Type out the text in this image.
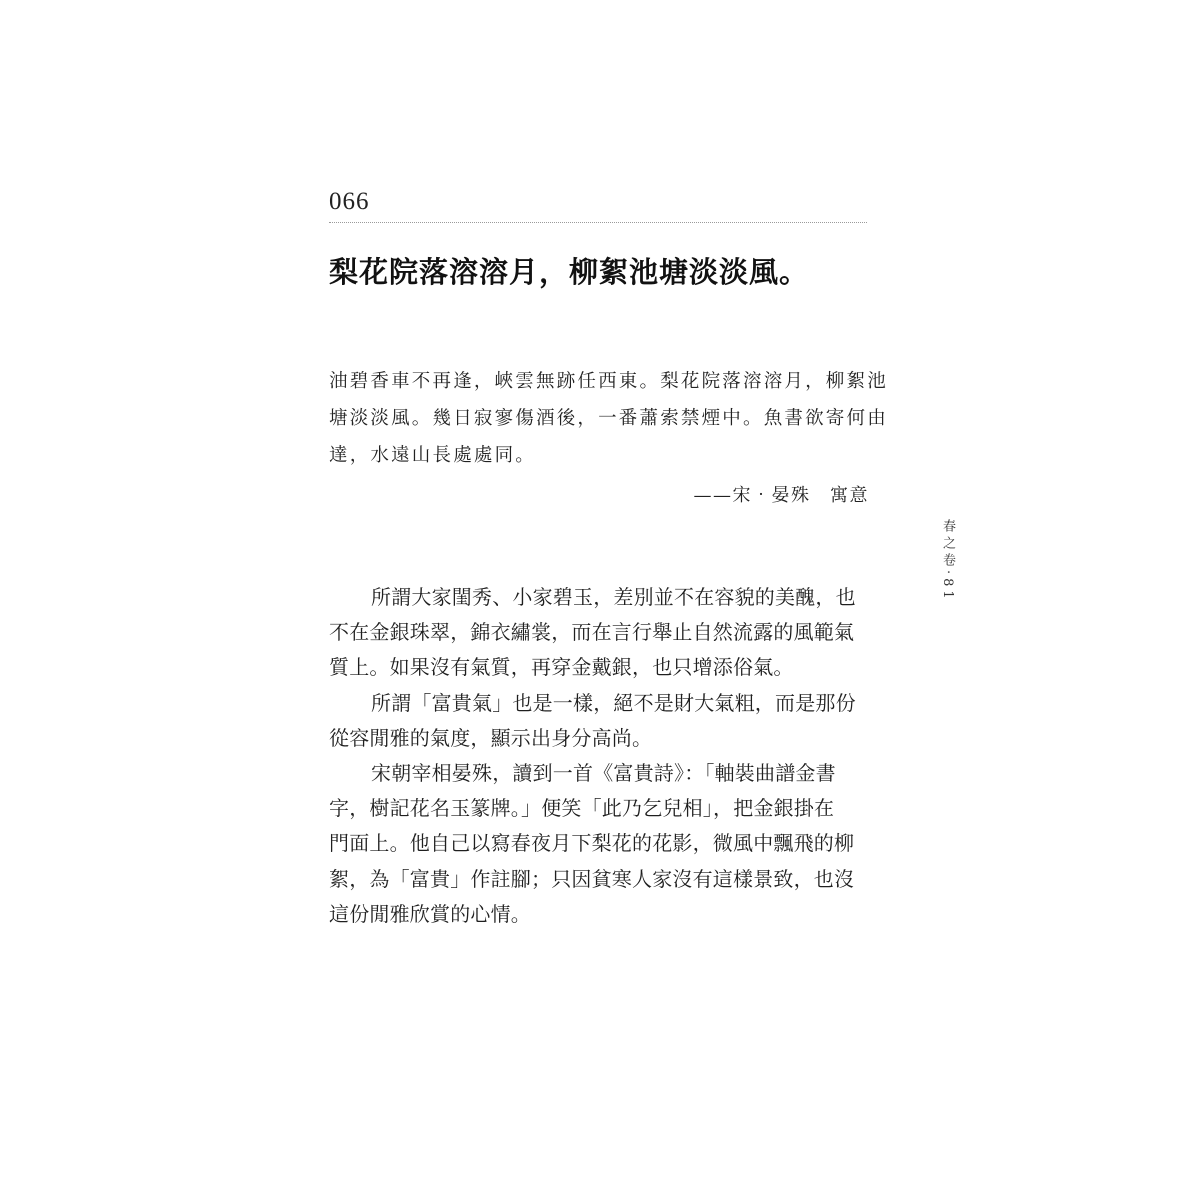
066
梨花院落溶溶月，柳絮池塘淡淡風。
油碧香車不再逢，峽雲無跡任西東。梨花院落溶溶月，柳絮池
塘淡淡風。幾日寂寥傷酒後，一番蕭索禁煙中。魚書欲寄何由
達，水遠山長處處同。
——宋‧晏殊　寓意
所謂大家閨秀、小家碧玉，差別並不在容貌的美醜，也
不在金銀珠翠，錦衣繡裳，而在言行舉止自然流露的風範氣
質上。如果沒有氣質，再穿金戴銀，也只增添俗氣。
所謂「富貴氣」也是一樣，絕不是財大氣粗，而是那份
從容閒雅的氣度，顯示出身分高尚。
宋朝宰相晏殊，讀到一首《富貴詩》：「軸裝曲譜金書
字，樹記花名玉篆牌。」便笑「此乃乞兒相」，把金銀掛在
門面上。他自己以寫春夜月下梨花的花影，微風中飄飛的柳
絮，為「富貴」作註腳；只因貧寒人家沒有這樣景致，也沒
這份閒雅欣賞的心情。
春之卷‧81
